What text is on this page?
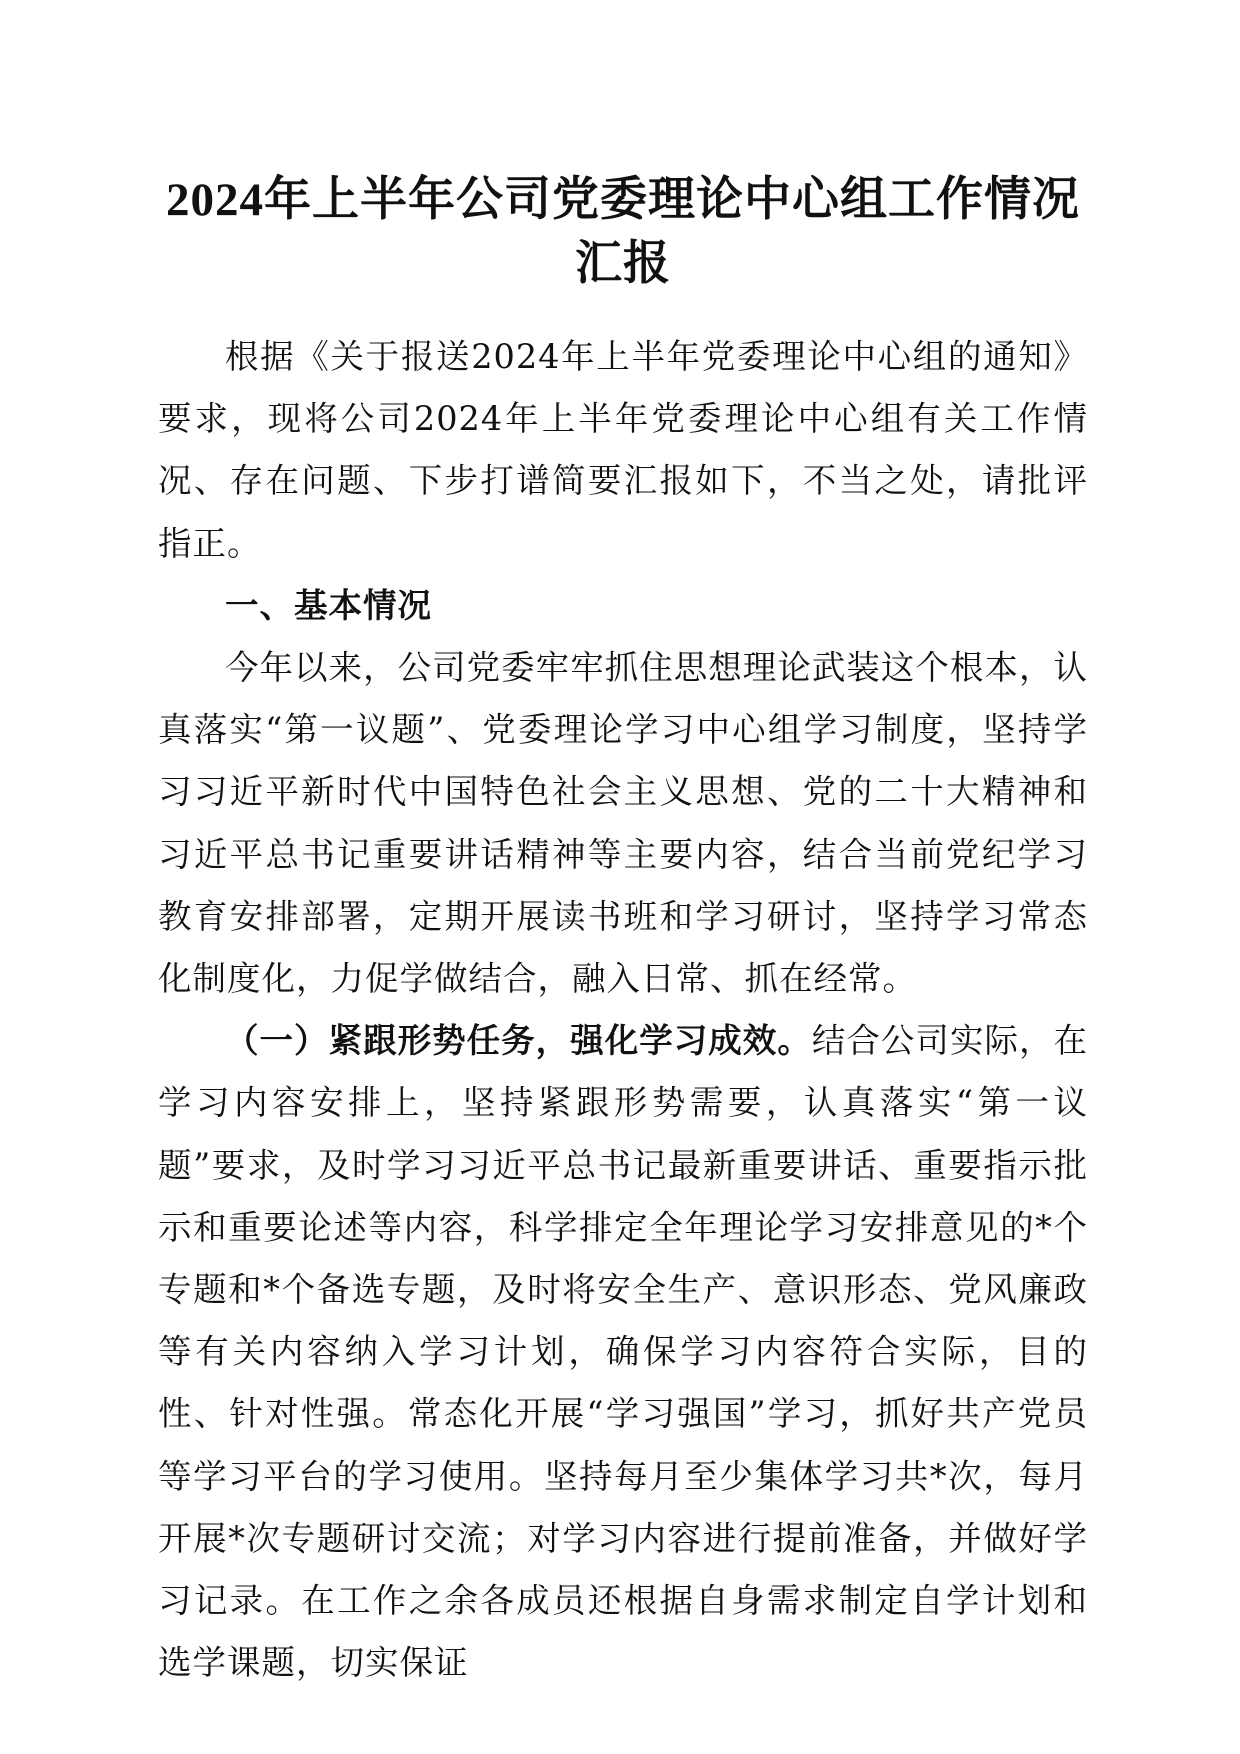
2024年上半年公司党委理论中心组工作情况
汇报

根据《关于报送2024年上半年党委理论中心组的通知》要求，现将公司2024年上半年党委理论中心组有关工作情况、存在问题、下步打谱简要汇报如下，不当之处，请批评指正。

一、基本情况

今年以来，公司党委牢牢抓住思想理论武装这个根本，认真落实“第一议题”、党委理论学习中心组学习制度，坚持学习习近平新时代中国特色社会主义思想、党的二十大精神和习近平总书记重要讲话精神等主要内容，结合当前党纪学习教育安排部署，定期开展读书班和学习研讨，坚持学习常态化制度化，力促学做结合，融入日常、抓在经常。

（一）紧跟形势任务，强化学习成效。结合公司实际，在学习内容安排上，坚持紧跟形势需要，认真落实“第一议题”要求，及时学习习近平总书记最新重要讲话、重要指示批示和重要论述等内容，科学排定全年理论学习安排意见的*个专题和*个备选专题，及时将安全生产、意识形态、党风廉政等有关内容纳入学习计划，确保学习内容符合实际，目的性、针对性强。常态化开展“学习强国”学习，抓好共产党员等学习平台的学习使用。坚持每月至少集体学习共*次，每月开展*次专题研讨交流；对学习内容进行提前准备，并做好学习记录。在工作之余各成员还根据自身需求制定自学计划和选学课题，切实保证
